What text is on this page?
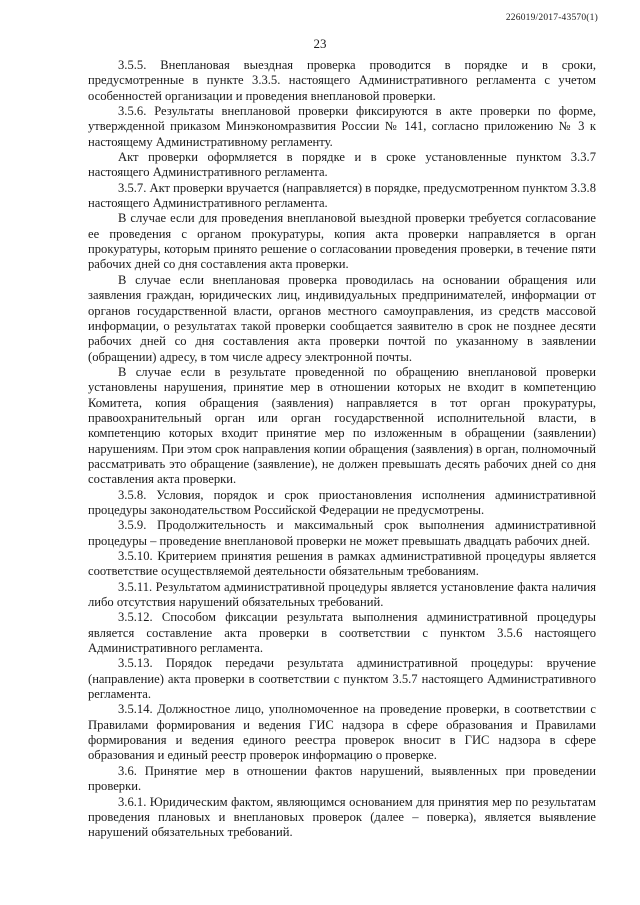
226019/2017-43570(1)
23

3.5.5. Внеплановая выездная проверка проводится в порядке и в сроки, предусмотренные в пункте 3.3.5. настоящего Административного регламента с учетом особенностей организации и проведения внеплановой проверки.

3.5.6. Результаты внеплановой проверки фиксируются в акте проверки по форме, утвержденной приказом Минэкономразвития России № 141, согласно приложению № 3 к настоящему Административному регламенту.

Акт проверки оформляется в порядке и в сроке установленные пунктом 3.3.7 настоящего Административного регламента.

3.5.7. Акт проверки вручается (направляется) в порядке, предусмотренном пунктом 3.3.8 настоящего Административного регламента.

В случае если для проведения внеплановой выездной проверки требуется согласование ее проведения с органом прокуратуры, копия акта проверки направляется в орган прокуратуры, которым принято решение о согласовании проведения проверки, в течение пяти рабочих дней со дня составления акта проверки.

В случае если внеплановая проверка проводилась на основании обращения или заявления граждан, юридических лиц, индивидуальных предпринимателей, информации от органов государственной власти, органов местного самоуправления, из средств массовой информации, о результатах такой проверки сообщается заявителю в срок не позднее десяти рабочих дней со дня составления акта проверки почтой по указанному в заявлении (обращении) адресу, в том числе адресу электронной почты.

В случае если в результате проведенной по обращению внеплановой проверки установлены нарушения, принятие мер в отношении которых не входит в компетенцию Комитета, копия обращения (заявления) направляется в тот орган прокуратуры, правоохранительный орган или орган государственной исполнительной власти, в компетенцию которых входит принятие мер по изложенным в обращении (заявлении) нарушениям. При этом срок направления копии обращения (заявления) в орган, полномочный рассматривать это обращение (заявление), не должен превышать десять рабочих дней со дня составления акта проверки.

3.5.8. Условия, порядок и срок приостановления исполнения административной процедуры законодательством Российской Федерации не предусмотрены.

3.5.9. Продолжительность и максимальный срок выполнения административной процедуры – проведение внеплановой проверки не может превышать двадцать рабочих дней.

3.5.10. Критерием принятия решения в рамках административной процедуры является соответствие осуществляемой деятельности обязательным требованиям.

3.5.11. Результатом административной процедуры является установление факта наличия либо отсутствия нарушений обязательных требований.

3.5.12. Способом фиксации результата выполнения административной процедуры является составление акта проверки в соответствии с пунктом 3.5.6 настоящего Административного регламента.

3.5.13. Порядок передачи результата административной процедуры: вручение (направление) акта проверки в соответствии с пунктом 3.5.7 настоящего Административного регламента.

3.5.14. Должностное лицо, уполномоченное на проведение проверки, в соответствии с Правилами формирования и ведения ГИС надзора в сфере образования и Правилами формирования и ведения единого реестра проверок вносит в ГИС надзора в сфере образования и единый реестр проверок информацию о проверке.

3.6. Принятие мер в отношении фактов нарушений, выявленных при проведении проверки.

3.6.1. Юридическим фактом, являющимся основанием для принятия мер по результатам проведения плановых и внеплановых проверок (далее – поверка), является выявление нарушений обязательных требований.
